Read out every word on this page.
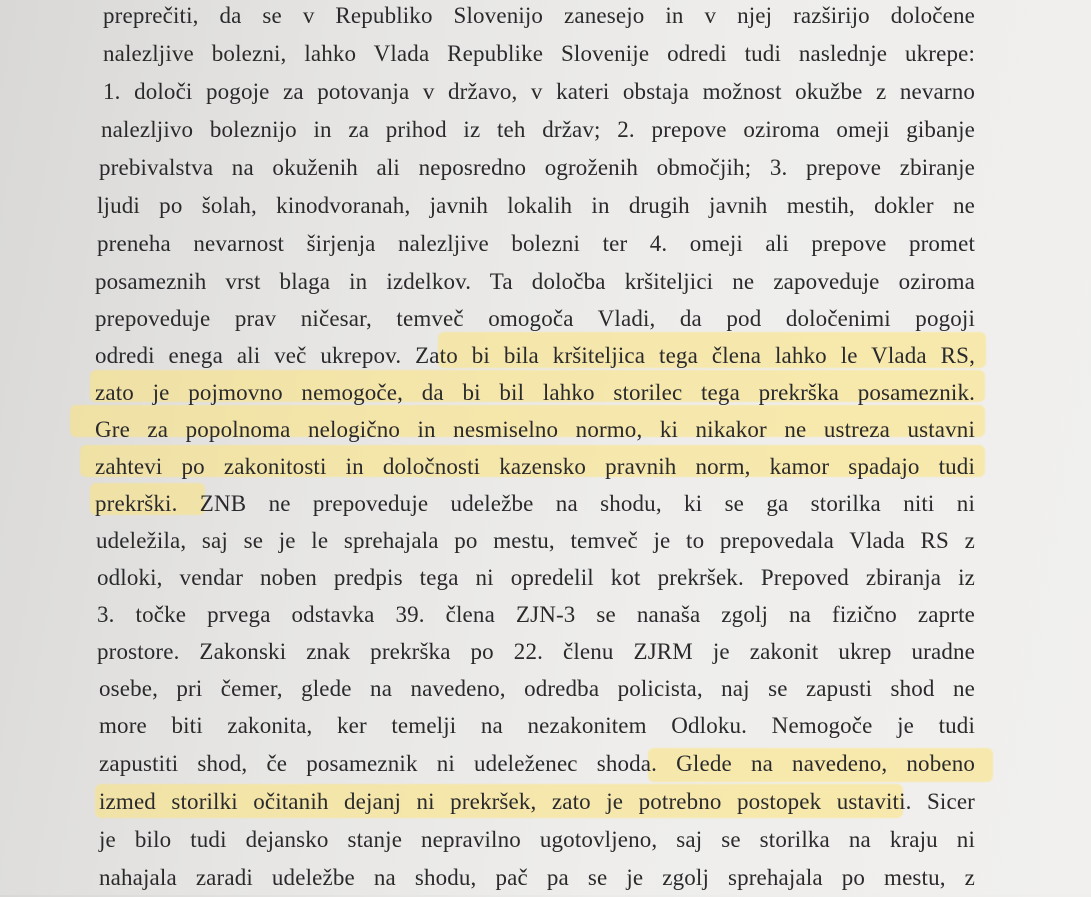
preprečiti, da se v Republiko Slovenijo zanesejo in v njej razširijo določene
nalezljive bolezni, lahko Vlada Republike Slovenije odredi tudi naslednje ukrepe:
1. določi pogoje za potovanja v državo, v kateri obstaja možnost okužbe z nevarno
nalezljivo boleznijo in za prihod iz teh držav; 2. prepove oziroma omeji gibanje
prebivalstva na okuženih ali neposredno ogroženih območjih; 3. prepove zbiranje
ljudi po šolah, kinodvoranah, javnih lokalih in drugih javnih mestih, dokler ne
preneha nevarnost širjenja nalezljive bolezni ter 4. omeji ali prepove promet
posameznih vrst blaga in izdelkov. Ta določba kršiteljici ne zapoveduje oziroma
prepoveduje prav ničesar, temveč omogoča Vladi, da pod določenimi pogoji
odredi enega ali več ukrepov. Zato bi bila kršiteljica tega člena lahko le Vlada RS,
zato je pojmovno nemogoče, da bi bil lahko storilec tega prekrška posameznik.
Gre za popolnoma nelogično in nesmiselno normo, ki nikakor ne ustreza ustavni
zahtevi po zakonitosti in določnosti kazensko pravnih norm, kamor spadajo tudi
prekrški. ZNB ne prepoveduje udeležbe na shodu, ki se ga storilka niti ni
udeležila, saj se je le sprehajala po mestu, temveč je to prepovedala Vlada RS z
odloki, vendar noben predpis tega ni opredelil kot prekršek. Prepoved zbiranja iz
3. točke prvega odstavka 39. člena ZJN-3 se nanaša zgolj na fizično zaprte
prostore. Zakonski znak prekrška po 22. členu ZJRM je zakonit ukrep uradne
osebe, pri čemer, glede na navedeno, odredba policista, naj se zapusti shod ne
more biti zakonita, ker temelji na nezakonitem Odloku. Nemogoče je tudi
zapustiti shod, če posameznik ni udeleženec shoda. Glede na navedeno, nobeno
izmed storilki očitanih dejanj ni prekršek, zato je potrebno postopek ustaviti. Sicer
je bilo tudi dejansko stanje nepravilno ugotovljeno, saj se storilka na kraju ni
nahajala zaradi udeležbe na shodu, pač pa se je zgolj sprehajala po mestu, z
